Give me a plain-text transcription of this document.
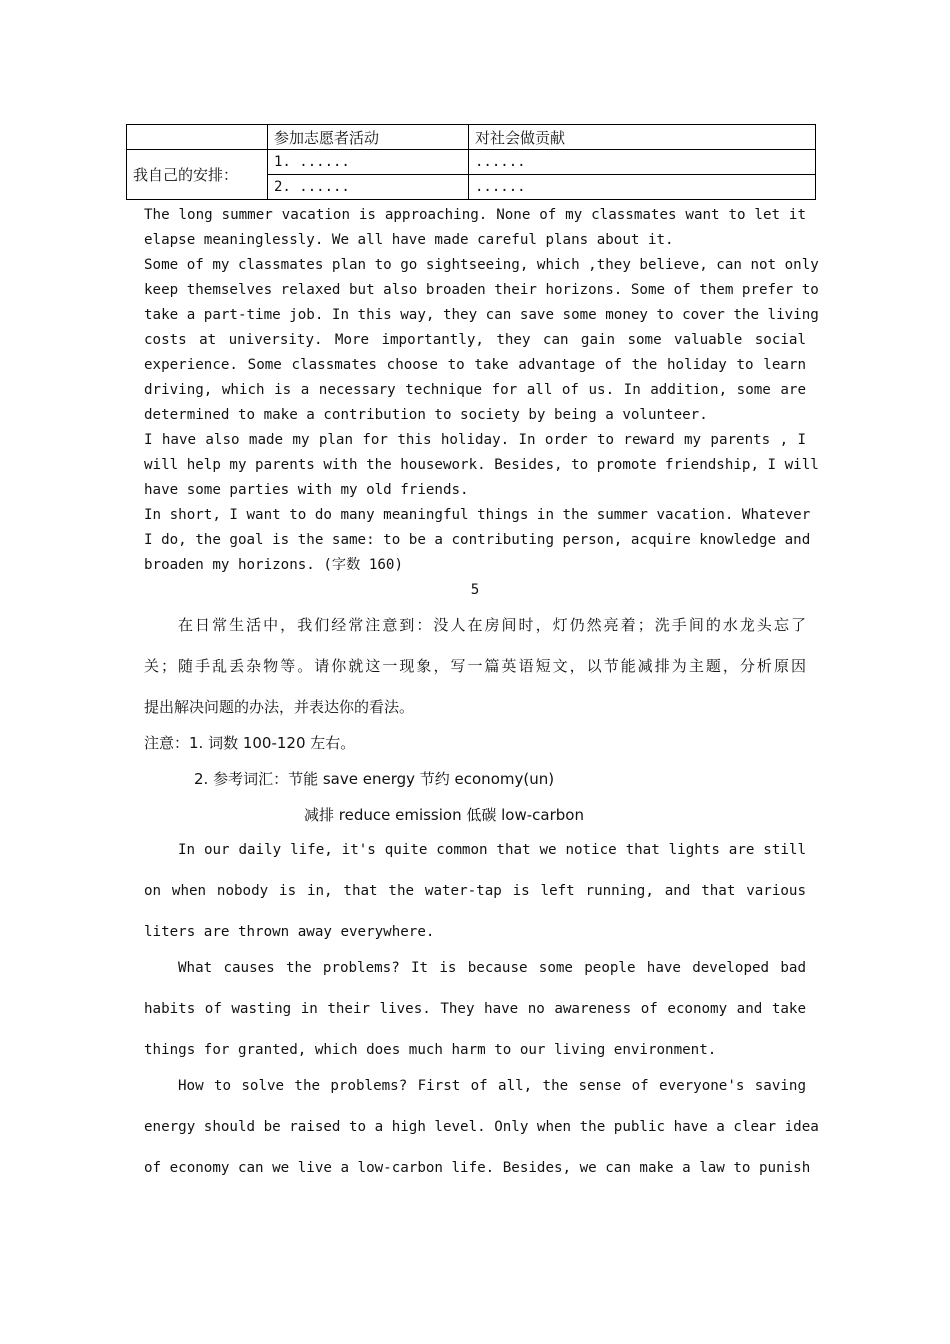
	参加志愿者活动	对社会做贡献
我自己的安排：	1. ......	......
	2. ......	......
The long summer vacation is approaching. None of my classmates want to let it
elapse meaninglessly. We all have made careful plans about it.
Some of my classmates plan to go sightseeing, which ,they believe, can not only
keep themselves relaxed but also broaden their horizons. Some of them prefer to
take a part-time job. In this way, they can save some money to cover the living
costs at university. More importantly, they can gain some valuable social
experience. Some classmates choose to take advantage of the holiday to learn
driving, which is a necessary technique for all of us. In addition, some are
determined to make a contribution to society by being a volunteer.
I have also made my plan for this holiday. In order to reward my parents , I
will help my parents with the housework. Besides, to promote friendship, I will
have some parties with my old friends.
In short, I want to do many meaningful things in the summer vacation. Whatever
I do, the goal is the same: to be a contributing person, acquire knowledge and
broaden my horizons. (字数 160)
5
在日常生活中，我们经常注意到：没人在房间时，灯仍然亮着；洗手间的水龙头忘了
关；随手乱丢杂物等。请你就这一现象，写一篇英语短文，以节能减排为主题，分析原因
提出解决问题的办法，并表达你的看法。
注意：1. 词数 100-120 左右。
2. 参考词汇：节能 save energy 节约 economy(un)
减排 reduce emission 低碳 low-carbon
In our daily life, it's quite common that we notice that lights are still
on when nobody is in, that the water-tap is left running, and that various
liters are thrown away everywhere.
What causes the problems? It is because some people have developed bad
habits of wasting in their lives. They have no awareness of economy and take
things for granted, which does much harm to our living environment.
How to solve the problems? First of all, the sense of everyone's saving
energy should be raised to a high level. Only when the public have a clear idea
of economy can we live a low-carbon life. Besides, we can make a law to punish
